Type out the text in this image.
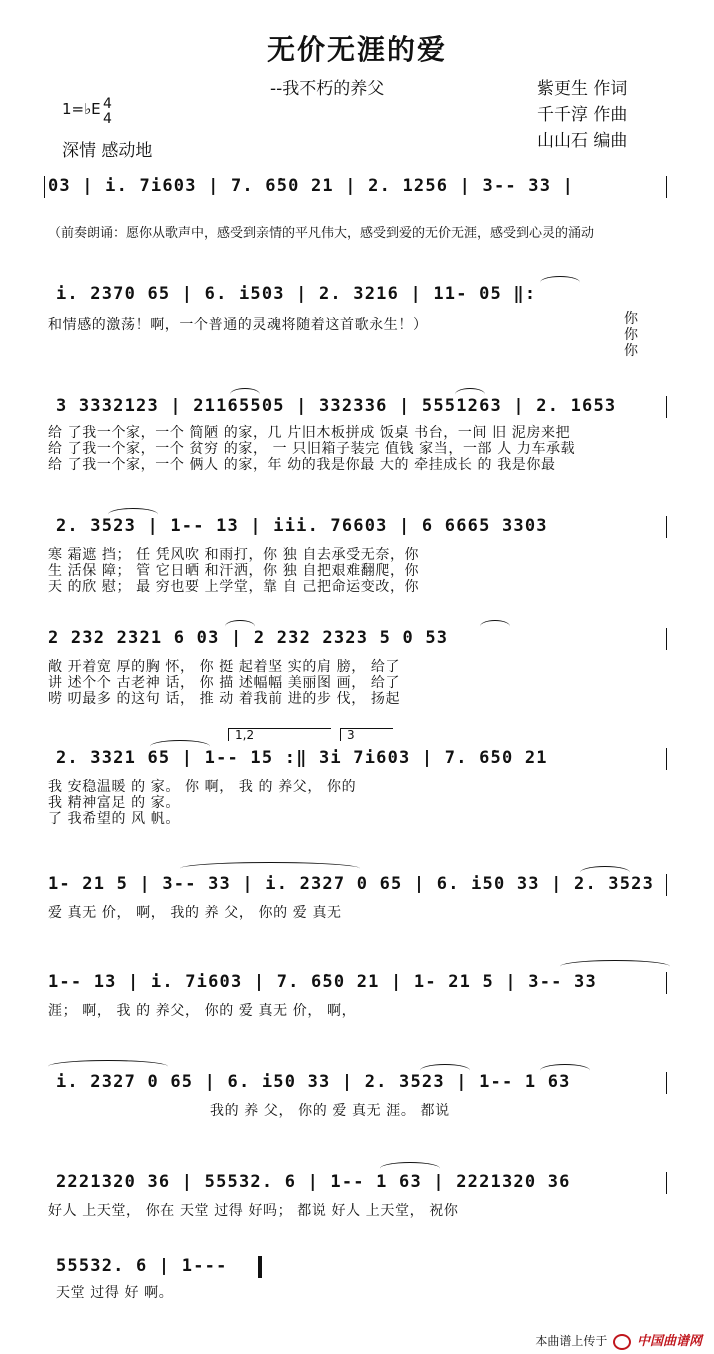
无价无涯的爱
--我不朽的养父	紫更生 作词
千千淳 作曲
山山石 编曲
1=♭E 4
4
深情 感动地
03 | i. 7i603 | 7. 6̇50 21 | 2. 1256 | 3-- 33 |
（前奏朗诵：愿你从歌声中，感受到亲情的平凡伟大，感受到爱的无价无涯，感受到心灵的涌动
i. 2370 65 | 6. i503 | 2. 3216 | 11- 05 ‖:
和情感的激荡！啊，一个普通的灵魂将随着这首歌永生！）	你
你
你
3 3332123 | 21165505 | 332336 | 5551263 | 2. 1653
给 了我一个家，一个 简陋 的家，几 片旧木板拼成 饭桌 书台，一间 旧 泥房来把
给 了我一个家，一个 贫穷 的家， 一 只旧箱子装完 值钱 家当，一部 人 力车承载
给 了我一个家，一个 俩人 的家，年 幼的我是你最 大的 牵挂成长 的 我是你最
2. 3523 | 1-- 13 | iii. 76603 | 6 6665 3303
寒 霜遮 挡； 任 凭风吹 和雨打，你 独 自去承受无奈，你
生 活保 障； 管 它日晒 和汗洒，你 独 自把艰难翻爬，你
天 的欣 慰； 最 穷也要 上学堂，靠 自 己把命运变改，你
2 232 2321 6 03 | 2 232 2323 5 0 53
敞 开着宽 厚的胸 怀， 你 挺 起着坚 实的肩 膀， 给了
讲 述个个 古老神 话， 你 描 述幅幅 美丽图 画， 给了
唠 叨最多 的这句 话， 推 动 着我前 进的步 伐， 扬起
1,2	3
2. 3321 65 | 1-- 15 :‖ 3i 7i603 | 7. 6̇50 21
我 安稳温暖 的 家。 你 啊， 我 的 养父， 你的
我 精神富足 的 家。
了 我希望的 风 帆。
1- 21 5 | 3-- 33 | i. 2327 0 65 | 6. i50 33 | 2. 3523
爱 真无 价， 啊， 我的 养 父， 你的 爱 真无
1-- 13 | i. 7i603 | 7. 6̇50 21 | 1- 21 5 | 3-- 33
涯； 啊， 我 的 养父， 你的 爱 真无 价， 啊，
i. 2327 0 65 | 6. i50 33 | 2. 3523 | 1-- 1 63
我的 养 父， 你的 爱 真无 涯。 都说
2221320 36 | 55532. 6 | 1-- 1 63 | 2221320 36
好人 上天堂， 你在 天堂 过得 好吗； 都说 好人 上天堂， 祝你
55532. 6 | 1---
天堂 过得 好 啊。
本曲谱上传于 中国曲谱网
